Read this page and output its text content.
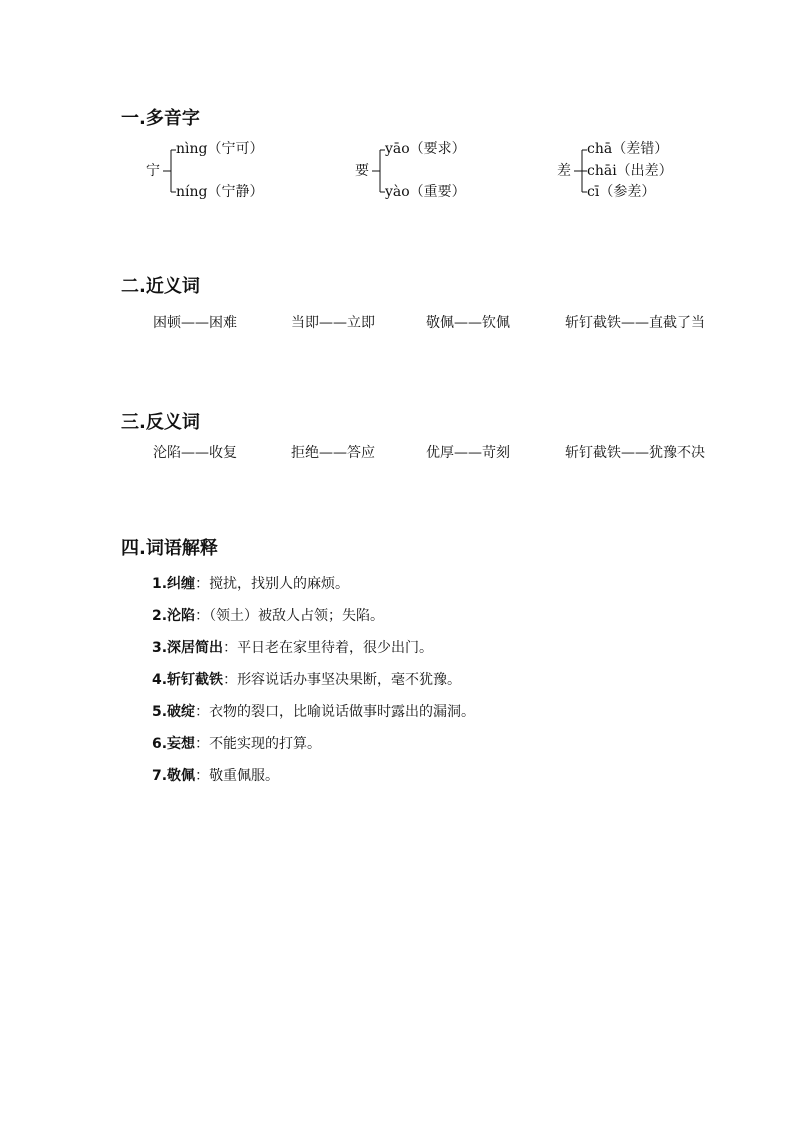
一.多音字
宁
nìng（宁可）
níng（宁静）
要
yāo（要求）
yào（重要）
差
chā（差错）
chāi（出差）
cī（参差）
二.近义词
困顿——困难	当即——立即	敬佩——钦佩	斩钉截铁——直截了当
三.反义词
沦陷——收复	拒绝——答应	优厚——苛刻	斩钉截铁——犹豫不决
四.词语解释
1.纠缠：搅扰，找别人的麻烦。
2.沦陷：（领土）被敌人占领；失陷。
3.深居简出：平日老在家里待着，很少出门。
4.斩钉截铁：形容说话办事坚决果断，毫不犹豫。
5.破绽：衣物的裂口，比喻说话做事时露出的漏洞。
6.妄想：不能实现的打算。
7.敬佩：敬重佩服。
